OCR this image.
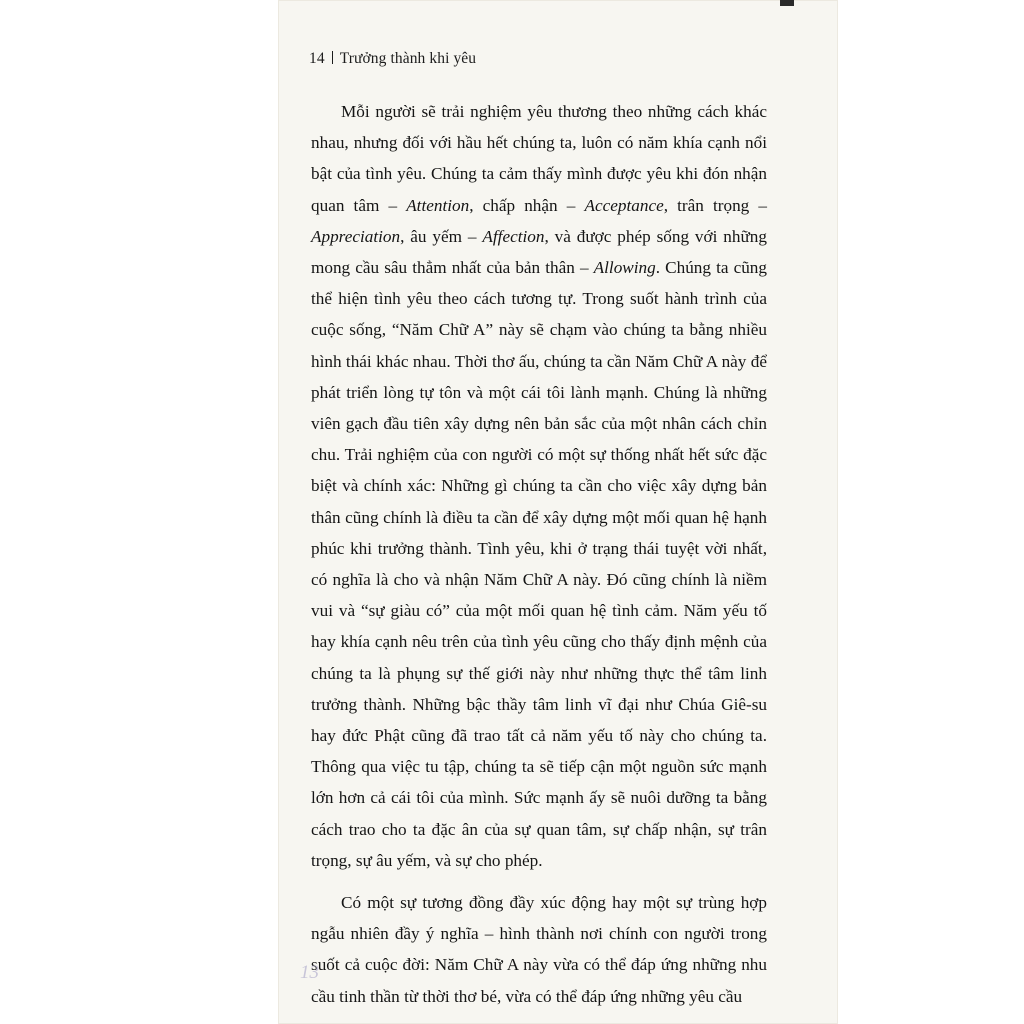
14 Trưởng thành khi yêu

Mỗi người sẽ trải nghiệm yêu thương theo những cách khác nhau, nhưng đối với hầu hết chúng ta, luôn có năm khía cạnh nổi bật của tình yêu. Chúng ta cảm thấy mình được yêu khi đón nhận quan tâm – Attention, chấp nhận – Acceptance, trân trọng – Appreciation, âu yếm – Affection, và được phép sống với những mong cầu sâu thẳm nhất của bản thân – Allowing. Chúng ta cũng thể hiện tình yêu theo cách tương tự. Trong suốt hành trình của cuộc sống, “Năm Chữ A” này sẽ chạm vào chúng ta bằng nhiều hình thái khác nhau. Thời thơ ấu, chúng ta cần Năm Chữ A này để phát triển lòng tự tôn và một cái tôi lành mạnh. Chúng là những viên gạch đầu tiên xây dựng nên bản sắc của một nhân cách chỉn chu. Trải nghiệm của con người có một sự thống nhất hết sức đặc biệt và chính xác: Những gì chúng ta cần cho việc xây dựng bản thân cũng chính là điều ta cần để xây dựng một mối quan hệ hạnh phúc khi trưởng thành. Tình yêu, khi ở trạng thái tuyệt vời nhất, có nghĩa là cho và nhận Năm Chữ A này. Đó cũng chính là niềm vui và “sự giàu có” của một mối quan hệ tình cảm. Năm yếu tố hay khía cạnh nêu trên của tình yêu cũng cho thấy định mệnh của chúng ta là phụng sự thế giới này như những thực thể tâm linh trưởng thành. Những bậc thầy tâm linh vĩ đại như Chúa Giê-su hay đức Phật cũng đã trao tất cả năm yếu tố này cho chúng ta. Thông qua việc tu tập, chúng ta sẽ tiếp cận một nguồn sức mạnh lớn hơn cả cái tôi của mình. Sức mạnh ấy sẽ nuôi dưỡng ta bằng cách trao cho ta đặc ân của sự quan tâm, sự chấp nhận, sự trân trọng, sự âu yếm, và sự cho phép.

Có một sự tương đồng đầy xúc động hay một sự trùng hợp ngẫu nhiên đầy ý nghĩa – hình thành nơi chính con người trong suốt cả cuộc đời: Năm Chữ A này vừa có thể đáp ứng những nhu cầu tinh thần từ thời thơ bé, vừa có thể đáp ứng những yêu cầu

13
